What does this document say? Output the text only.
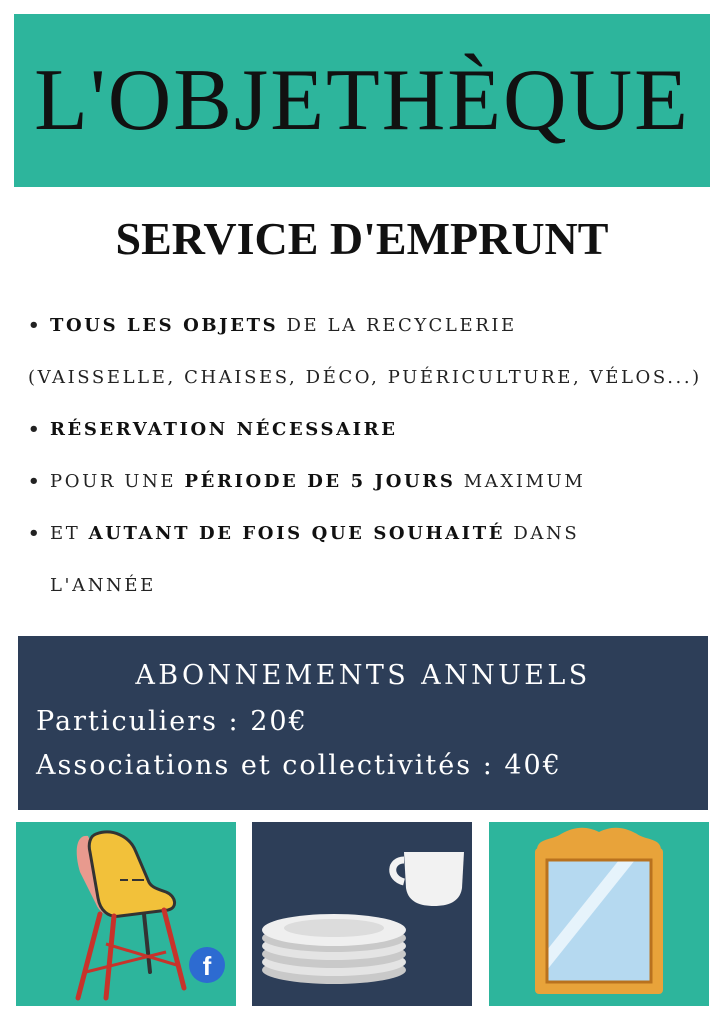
L'OBJETHÈQUE
SERVICE D'EMPRUNT
• TOUS LES OBJETS DE LA RECYCLERIE
(VAISSELLE, CHAISES, DÉCO, PUÉRICULTURE, VÉLOS...)
• RÉSERVATION NÉCESSAIRE
• POUR UNE PÉRIODE DE 5 JOURS MAXIMUM
• ET AUTANT DE FOIS QUE SOUHAITÉ DANS
L'ANNÉE
ABONNEMENTS ANNUELS
Particuliers : 20€
Associations et collectivités : 40€
f
